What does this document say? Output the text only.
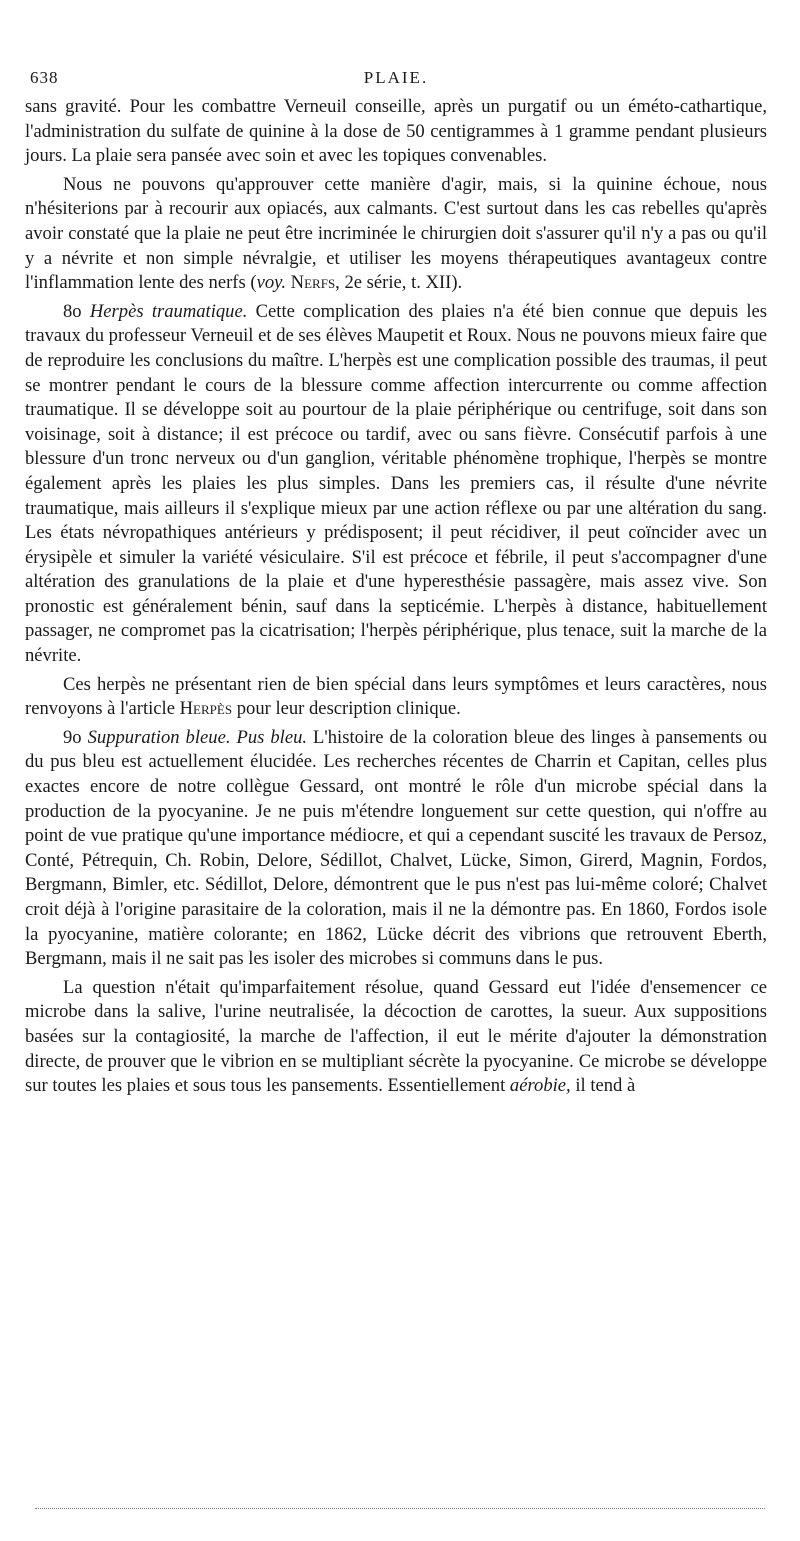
638	PLAIE.

sans gravité. Pour les combattre Verneuil conseille, après un purgatif ou un éméto-cathartique, l'administration du sulfate de quinine à la dose de 50 centigrammes à 1 gramme pendant plusieurs jours. La plaie sera pansée avec soin et avec les topiques convenables.

Nous ne pouvons qu'approuver cette manière d'agir, mais, si la quinine échoue, nous n'hésiterions par à recourir aux opiacés, aux calmants. C'est surtout dans les cas rebelles qu'après avoir constaté que la plaie ne peut être incriminée le chirurgien doit s'assurer qu'il n'y a pas ou qu'il y a névrite et non simple névralgie, et utiliser les moyens thérapeutiques avantageux contre l'inflammation lente des nerfs (voy. Nerfs, 2e série, t. XII).

8o Herpès traumatique. Cette complication des plaies n'a été bien connue que depuis les travaux du professeur Verneuil et de ses élèves Maupetit et Roux. Nous ne pouvons mieux faire que de reproduire les conclusions du maître. L'herpès est une complication possible des traumas, il peut se montrer pendant le cours de la blessure comme affection intercurrente ou comme affection traumatique. Il se développe soit au pourtour de la plaie périphérique ou centrifuge, soit dans son voisinage, soit à distance; il est précoce ou tardif, avec ou sans fièvre. Consécutif parfois à une blessure d'un tronc nerveux ou d'un ganglion, véritable phénomène trophique, l'herpès se montre également après les plaies les plus simples. Dans les premiers cas, il résulte d'une névrite traumatique, mais ailleurs il s'explique mieux par une action réflexe ou par une altération du sang. Les états névropathiques antérieurs y prédisposent; il peut récidiver, il peut coïncider avec un érysipèle et simuler la variété vésiculaire. S'il est précoce et fébrile, il peut s'accompagner d'une altération des granulations de la plaie et d'une hyperesthésie passagère, mais assez vive. Son pronostic est généralement bénin, sauf dans la septicémie. L'herpès à distance, habituellement passager, ne compromet pas la cicatrisation; l'herpès périphérique, plus tenace, suit la marche de la névrite.

Ces herpès ne présentant rien de bien spécial dans leurs symptômes et leurs caractères, nous renvoyons à l'article Herpès pour leur description clinique.

9o Suppuration bleue. Pus bleu. L'histoire de la coloration bleue des linges à pansements ou du pus bleu est actuellement élucidée. Les recherches récentes de Charrin et Capitan, celles plus exactes encore de notre collègue Gessard, ont montré le rôle d'un microbe spécial dans la production de la pyocyanine. Je ne puis m'étendre longuement sur cette question, qui n'offre au point de vue pratique qu'une importance médiocre, et qui a cependant suscité les travaux de Persoz, Conté, Pétrequin, Ch. Robin, Delore, Sédillot, Chalvet, Lücke, Simon, Girerd, Magnin, Fordos, Bergmann, Bimler, etc. Sédillot, Delore, démontrent que le pus n'est pas lui-même coloré; Chalvet croit déjà à l'origine parasitaire de la coloration, mais il ne la démontre pas. En 1860, Fordos isole la pyocyanine, matière colorante; en 1862, Lücke décrit des vibrions que retrouvent Eberth, Bergmann, mais il ne sait pas les isoler des microbes si communs dans le pus.

La question n'était qu'imparfaitement résolue, quand Gessard eut l'idée d'ensemencer ce microbe dans la salive, l'urine neutralisée, la décoction de carottes, la sueur. Aux suppositions basées sur la contagiosité, la marche de l'affection, il eut le mérite d'ajouter la démonstration directe, de prouver que le vibrion en se multipliant sécrète la pyocyanine. Ce microbe se développe sur toutes les plaies et sous tous les pansements. Essentiellement aérobie, il tend à
